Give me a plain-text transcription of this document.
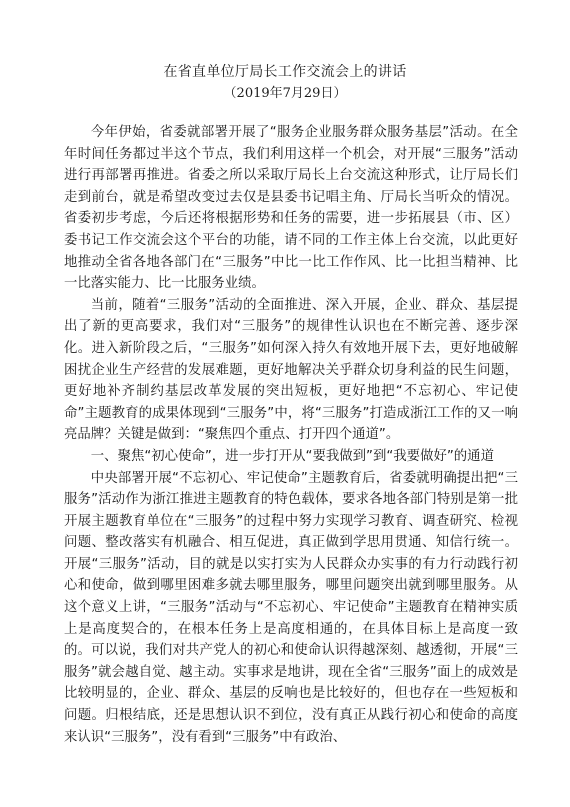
在省直单位厅局长工作交流会上的讲话
（2019年7月29日）

今年伊始，省委就部署开展了“服务企业服务群众服务基层”活动。在全年时间任务都过半这个节点，我们利用这样一个机会，对开展“三服务”活动进行再部署再推进。省委之所以采取厅局长上台交流这种形式，让厅局长们走到前台，就是希望改变过去仅是县委书记唱主角、厅局长当听众的情况。省委初步考虑，今后还将根据形势和任务的需要，进一步拓展县（市、区）委书记工作交流会这个平台的功能，请不同的工作主体上台交流，以此更好地推动全省各地各部门在“三服务”中比一比工作作风、比一比担当精神、比一比落实能力、比一比服务业绩。

当前，随着“三服务”活动的全面推进、深入开展，企业、群众、基层提出了新的更高要求，我们对“三服务”的规律性认识也在不断完善、逐步深化。进入新阶段之后，“三服务”如何深入持久有效地开展下去，更好地破解困扰企业生产经营的发展难题，更好地解决关乎群众切身利益的民生问题，更好地补齐制约基层改革发展的突出短板，更好地把“不忘初心、牢记使命”主题教育的成果体现到“三服务”中，将“三服务”打造成浙江工作的又一响亮品牌？关键是做到：“聚焦四个重点、打开四个通道”。

一、聚焦“初心使命”，进一步打开从“要我做到”到“我要做好”的通道

中央部署开展“不忘初心、牢记使命”主题教育后，省委就明确提出把“三服务”活动作为浙江推进主题教育的特色载体，要求各地各部门特别是第一批开展主题教育单位在“三服务”的过程中努力实现学习教育、调查研究、检视问题、整改落实有机融合、相互促进，真正做到学思用贯通、知信行统一。开展“三服务”活动，目的就是以实打实为人民群众办实事的有力行动践行初心和使命，做到哪里困难多就去哪里服务，哪里问题突出就到哪里服务。从这个意义上讲，“三服务”活动与“不忘初心、牢记使命”主题教育在精神实质上是高度契合的，在根本任务上是高度相通的，在具体目标上是高度一致的。可以说，我们对共产党人的初心和使命认识得越深刻、越透彻，开展“三服务”就会越自觉、越主动。实事求是地讲，现在全省“三服务”面上的成效是比较明显的，企业、群众、基层的反响也是比较好的，但也存在一些短板和问题。归根结底，还是思想认识不到位，没有真正从践行初心和使命的高度来认识“三服务”，没有看到“三服务”中有政治、
